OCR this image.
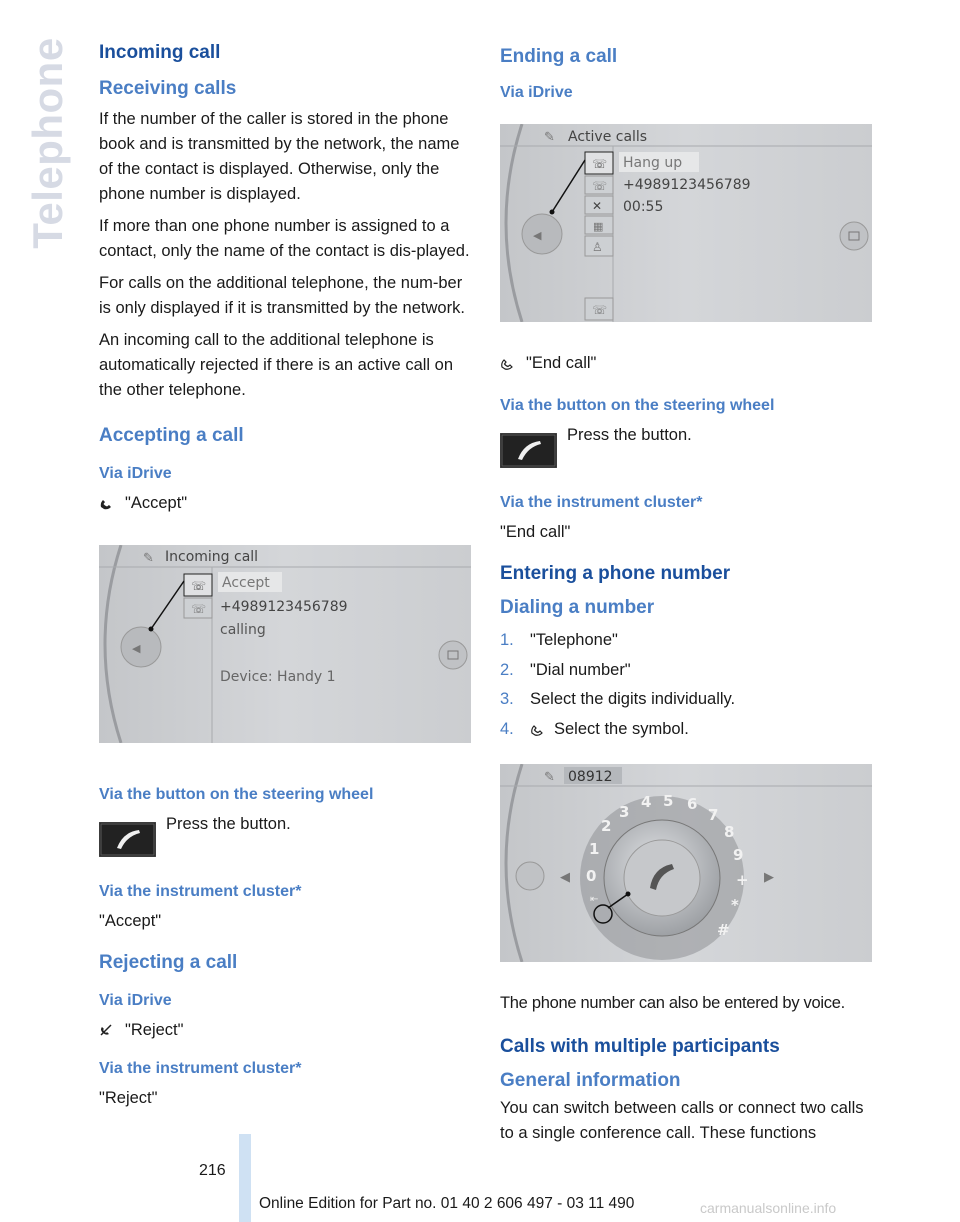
Telephone Incoming call
Receiving calls

If the number of the caller is stored in the phone book and is transmitted by the network, the name of the contact is displayed. Otherwise, only the phone number is displayed.

If more than one phone number is assigned to a contact, only the name of the contact is dis-played.

For calls on the additional telephone, the num-ber is only displayed if it is transmitted by the network.

An incoming call to the additional telephone is automatically rejected if there is an active call on the other telephone.

Accepting a call
Via iDrive
"Accept"
◀
✎ Incoming call
☏
☏
Accept
+4989123456789
calling
Device: Handy 1
Via the button on the steering wheel
Press the button.
Via the instrument cluster*

"Accept"

Rejecting a call
Via iDrive
"Reject"
Via the instrument cluster*

"Reject"

Ending a call
Via iDrive
◀
✎ Active calls
☏
☏
✕
▦
♙
☏
Hang up
+4989123456789
00:55
"End call"
Via the button on the steering wheel
Press the button.
Via the instrument cluster*

"End call"

Entering a phone number
Dialing a number
1. "Telephone"
2. "Dial number"
3. Select the digits individually.
4.	Select the symbol.
✎ 08912
◀	▶
0
1
2
3
4 5 6
7
8
9
+
*
#
⇤

The phone number can also be entered by voice.

Calls with multiple participants
General information

You can switch between calls or connect two calls to a single conference call. These functions

216
Online Edition for Part no. 01 40 2 606 497 - 03 11 490	carmanualsonline.info
